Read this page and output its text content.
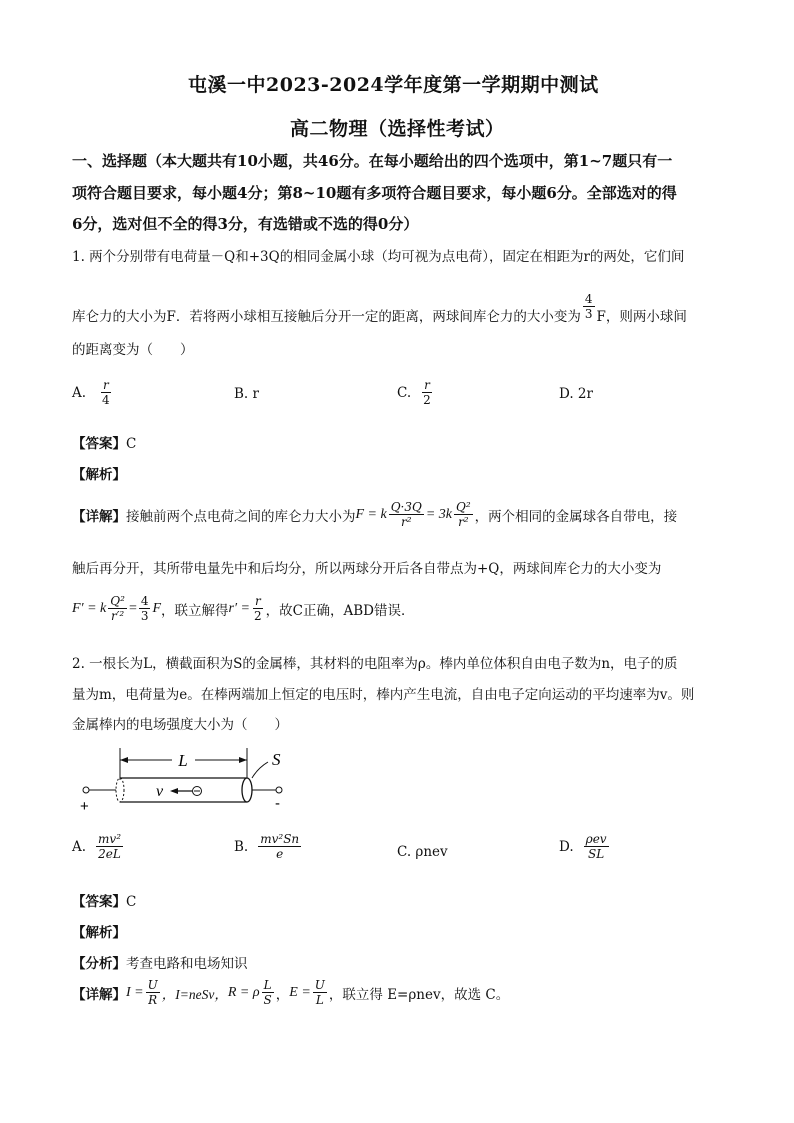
屯溪一中2023-2024学年度第一学期期中测试
高二物理（选择性考试）
一、选择题（本大题共有10小题，共46分。在每小题给出的四个选项中，第1~7题只有一
项符合题目要求，每小题4分；第8~10题有多项符合题目要求，每小题6分。全部选对的得
6分，选对但不全的得3分，有选错或不选的得0分）
1. 两个分别带有电荷量－Q和+3Q的相同金属小球（均可视为点电荷），固定在相距为r的两处，它们间
库仑力的大小为F．若将两小球相互接触后分开一定的距离，两球间库仑力的大小变为 $\frac{4}{3}$ F，则两小球间
的距离变为（　　）
A. $\frac{r}{4}$	B. r	C. $\frac{r}{2}$	D. 2r
【答案】C
【解析】
【详解】 接触前两个点电荷之间的库仑力大小为 F = k $\frac{Q\cdot 3Q}{\text{r²}} = 3k \frac{\text{Q²}}{\text{r²}}$ ，两个相同的金属球各自带电，接
触后再分开，其所带电量先中和后均分，所以两球分开后各自带点为+Q，两球间库仑力的大小变为
F′ = k $\frac{\text{Q²}}{\text{r′²}} = \frac{4}{3}$ F ，联立解得 $r' = \frac{r}{2}$ ，故C正确，ABD错误．
2. 一根长为L，横截面积为S的金属棒，其材料的电阻率为ρ。棒内单位体积自由电子数为n，电子的质
量为m，电荷量为e。在棒两端加上恒定的电压时，棒内产生电流，自由电子定向运动的平均速率为v。则
金属棒内的电场强度大小为（　　）
L	S
+	-
v
A. $\frac{\text{mv²}}{2eL}$	B. $\frac{\text{mv²Sn}}{e}$	C. ρnev	D. $\frac{\text{ρev}}{SL}$
【答案】C
【解析】
【分析】考查电路和电场知识
【详解】 $I = \frac{U}{R}$ ，I=neSv， R = ρ $\frac{L}{S}$ ， $E = \frac{U}{L}$ ，联立得 E=ρnev，故选 C。
